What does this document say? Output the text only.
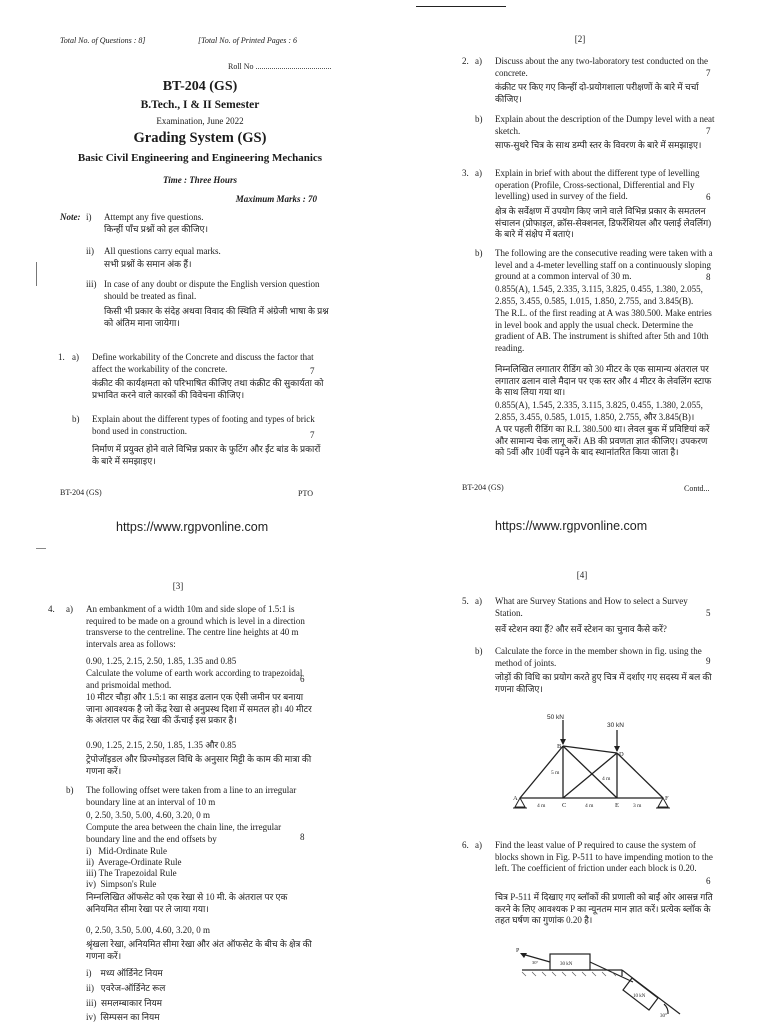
Total No. of Questions : 8]	[Total No. of Printed Pages : 6
Roll No ......................................
BT-204 (GS)
B.Tech., I & II Semester
Examination, June 2022
Grading System (GS)
Basic Civil Engineering and Engineering Mechanics
Time : Three Hours
Maximum Marks : 70
Note: i) Attempt any five questions.
किन्हीं पाँच प्रश्नों को हल कीजिए।
ii) All questions carry equal marks.
सभी प्रश्नों के समान अंक हैं।
iii) In case of any doubt or dispute the English version question should be treated as final.
किसी भी प्रकार के संदेह अथवा विवाद की स्थिति में अंग्रेजी भाषा के प्रश्न को अंतिम माना जायेगा।
1. a) Define workability of the Concrete and discuss the factor that affect the workability of the concrete.	7
कंक्रीट की कार्यक्षमता को परिभाषित कीजिए तथा कंक्रीट की सुकार्यता को प्रभावित करने वाले कारकों की विवेचना कीजिए।
b) Explain about the different types of footing and types of brick bond used in construction.	7
निर्माण में प्रयुक्त होने वाले विभिन्न प्रकार के फुटिंग और ईंट बांड के प्रकारों के बारे में समझाइए।
BT-204 (GS)	PTO
https://www.rgpvonline.com
[2]
2. a) Discuss about the any two-laboratory test conducted on the concrete.	7
कंक्रीट पर किए गए किन्हीं दो-प्रयोगशाला परीक्षणों के बारे में चर्चा कीजिए।
b) Explain about the description of the Dumpy level with a neat sketch.	7
साफ-सुथरे चित्र के साथ डम्पी स्तर के विवरण के बारे में समझाइए।
3. a) Explain in brief with about the different type of levelling operation (Profile, Cross-sectional, Differential and Fly levelling) used in survey of the field.	6
क्षेत्र के सर्वेक्षण में उपयोग किए जाने वाले विभिन्न प्रकार के समतलन संचालन (प्रोफाइल, क्रॉस-सेक्शनल, डिफरेंशियल और फ्लाई लेवलिंग) के बारे में संक्षेप में बताएं।
b) The following are the consecutive reading were taken with a level and a 4-meter levelling staff on a continuously sloping ground at a common interval of 30 m.	8
0.855(A), 1.545, 2.335, 3.115, 3.825, 0.455, 1.380, 2.055, 2.855, 3.455, 0.585, 1.015, 1.850, 2.755, and 3.845(B).
The R.L. of the first reading at A was 380.500. Make entries in level book and apply the usual check. Determine the gradient of AB. The instrument is shifted after 5th and 10th reading.
निम्नलिखित लगातार रीडिंग को 30 मीटर के एक सामान्य अंतराल पर लगातार ढलान वाले मैदान पर एक स्तर और 4 मीटर के लेवलिंग स्टाफ के साथ लिया गया था।
0.855(A), 1.545, 2.335, 3.115, 3.825, 0.455, 1.380, 2.055, 2.855, 3.455, 0.585, 1.015, 1.850, 2.755, और 3.845(B)।
A पर पहली रीडिंग का R.L 380.500 था। लेवल बुक में प्रविष्टियां करें और सामान्य चेक लागू करें। AB की प्रवणता ज्ञात कीजिए। उपकरण को 5वीं और 10वीं पढ़ने के बाद स्थानांतरित किया जाता है।
BT-204 (GS)	Contd...
https://www.rgpvonline.com
[3]
4. a) An embankment of a width 10m and side slope of 1.5:1 is required to be made on a ground which is level in a direction transverse to the centreline. The centre line heights at 40 m intervals area as follows:
0.90, 1.25, 2.15, 2.50, 1.85, 1.35 and 0.85
Calculate the volume of earth work according to trapezoidal and prismoidal method.
6
10 मीटर चौड़ा और 1.5:1 का साइड ढलान एक ऐसी जमीन पर बनाया जाना आवश्यक है जो केंद्र रेखा से अनुप्रस्थ दिशा में समतल हो। 40 मीटर के अंतराल पर केंद्र रेखा की ऊँचाई इस प्रकार है।
0.90, 1.25, 2.15, 2.50, 1.85, 1.35 और 0.85
ट्रेपोजॉइडल और प्रिज्मोइडल विधि के अनुसार मिट्टी के काम की मात्रा की गणना करें।
b) The following offset were taken from a line to an irregular boundary line at an interval of 10 m
0, 2.50, 3.50, 5.00, 4.60, 3.20, 0 m
Compute the area between the chain line, the irregular boundary line and the end offsets by	8
i)   Mid-Ordinate Rule
ii)  Average-Ordinate Rule
iii) The Trapezoidal Rule
iv)  Simpson's Rule
निम्नलिखित ऑफसेट को एक रेखा से 10 मी. के अंतराल पर एक अनियमित सीमा रेखा पर ले जाया गया।
0, 2.50, 3.50, 5.00, 4.60, 3.20, 0 m
श्रृंखला रेखा, अनियमित सीमा रेखा और अंत ऑफसेट के बीच के क्षेत्र की गणना करें।
i)    मध्य ऑर्डिनेट नियम
ii)   एवरेज-ऑर्डिनेट रूल
iii)  समलम्बाकार नियम
iv)  सिम्पसन का नियम
[4]
5. a) What are Survey Stations and How to select a Survey Station.	5
सर्वे स्टेशन क्या हैं? और सर्वे स्टेशन का चुनाव कैसे करें?
b) Calculate the force in the member shown in fig. using the method of joints.	9
जोड़ों की विधि का प्रयोग करते हुए चित्र में दर्शाए गए सदस्य में बल की गणना कीजिए।
50 kN
30 kN
A
B
C
D
E
F
5 m
4 m
4 m	4 m	3 m
6. a) Find the least value of P required to cause the system of blocks shown in Fig. P-511 to have impending motion to the left. The coefficient of friction under each block is 0.20.
6
चित्र P-511 में दिखाए गए ब्लॉकों की प्रणाली को बाईं ओर आसन्न गति करने के लिए आवश्यक P का न्यूनतम मान ज्ञात करें। प्रत्येक ब्लॉक के तहत घर्षण का गुणांक 0.20 है।
P
30°	30 kN
10 kN
30°
